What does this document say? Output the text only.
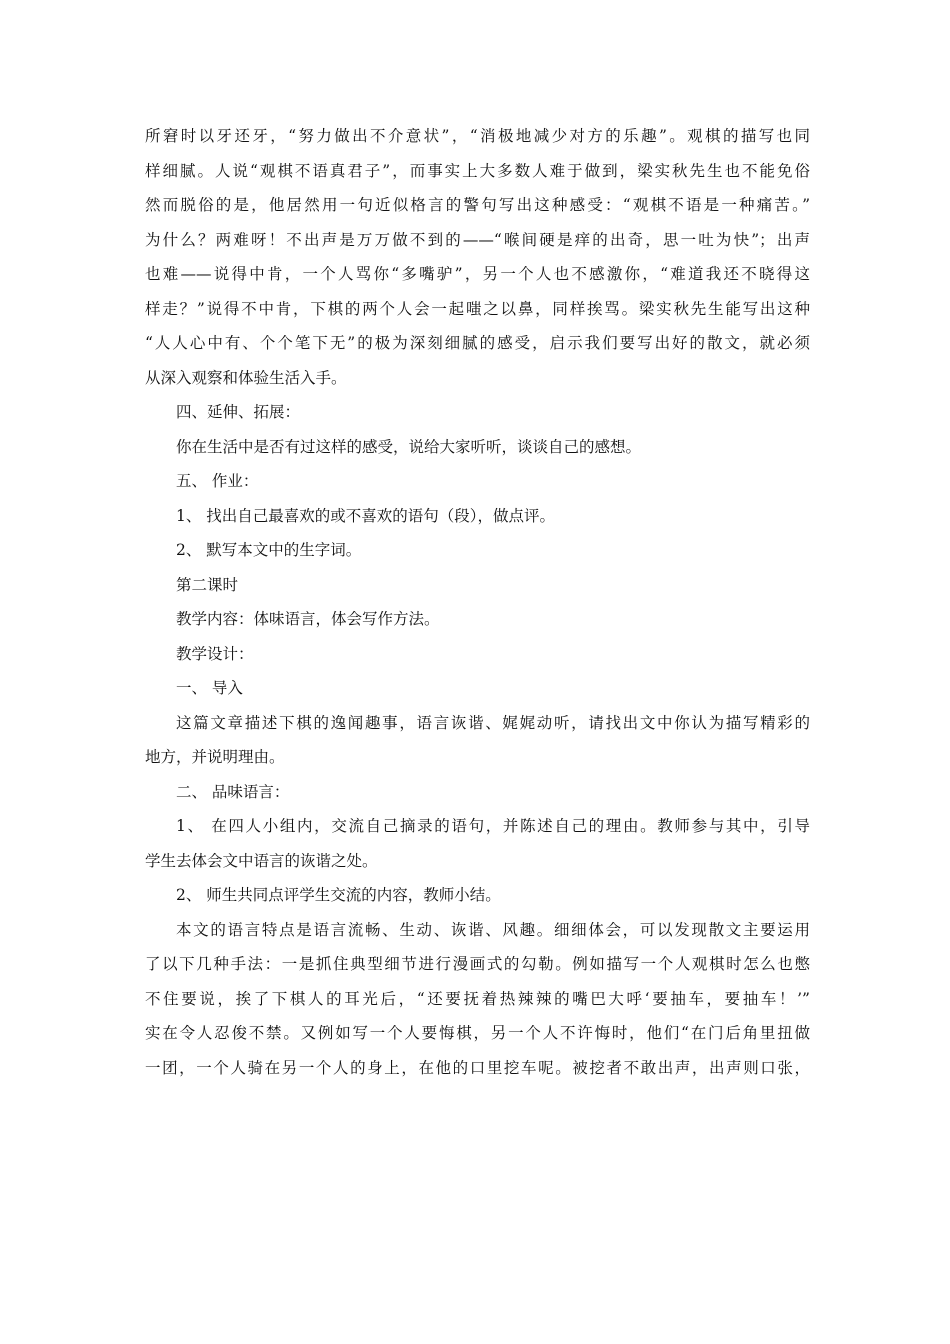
所窘时以牙还牙，“努力做出不介意状”，“消极地减少对方的乐趣”。观棋的描写也同
样细腻。人说“观棋不语真君子”，而事实上大多数人难于做到，梁实秋先生也不能免俗
然而脱俗的是，他居然用一句近似格言的警句写出这种感受：“观棋不语是一种痛苦。”
为什么？两难呀！不出声是万万做不到的——“喉间硬是痒的出奇，思一吐为快”；出声
也难——说得中肯，一个人骂你“多嘴驴”，另一个人也不感激你，“难道我还不晓得这
样走？”说得不中肯，下棋的两个人会一起嗤之以鼻，同样挨骂。梁实秋先生能写出这种
“人人心中有、个个笔下无”的极为深刻细腻的感受，启示我们要写出好的散文，就必须
从深入观察和体验生活入手。
四、延伸、拓展：
你在生活中是否有过这样的感受，说给大家听听，谈谈自己的感想。
五、 作业：
1、 找出自己最喜欢的或不喜欢的语句（段），做点评。
2、 默写本文中的生字词。
第二课时
教学内容：体味语言，体会写作方法。
教学设计：
一、 导入
这篇文章描述下棋的逸闻趣事，语言诙谐、娓娓动听，请找出文中你认为描写精彩的
地方，并说明理由。
二、 品味语言：
1、 在四人小组内，交流自己摘录的语句，并陈述自己的理由。教师参与其中，引导
学生去体会文中语言的诙谐之处。
2、 师生共同点评学生交流的内容，教师小结。
本文的语言特点是语言流畅、生动、诙谐、风趣。细细体会，可以发现散文主要运用
了以下几种手法：一是抓住典型细节进行漫画式的勾勒。例如描写一个人观棋时怎么也憋
不住要说，挨了下棋人的耳光后，“还要抚着热辣辣的嘴巴大呼‘要抽车，要抽车！’”
实在令人忍俊不禁。又例如写一个人要悔棋，另一个人不许悔时，他们“在门后角里扭做
一团，一个人骑在另一个人的身上，在他的口里挖车呢。被挖者不敢出声，出声则口张，
